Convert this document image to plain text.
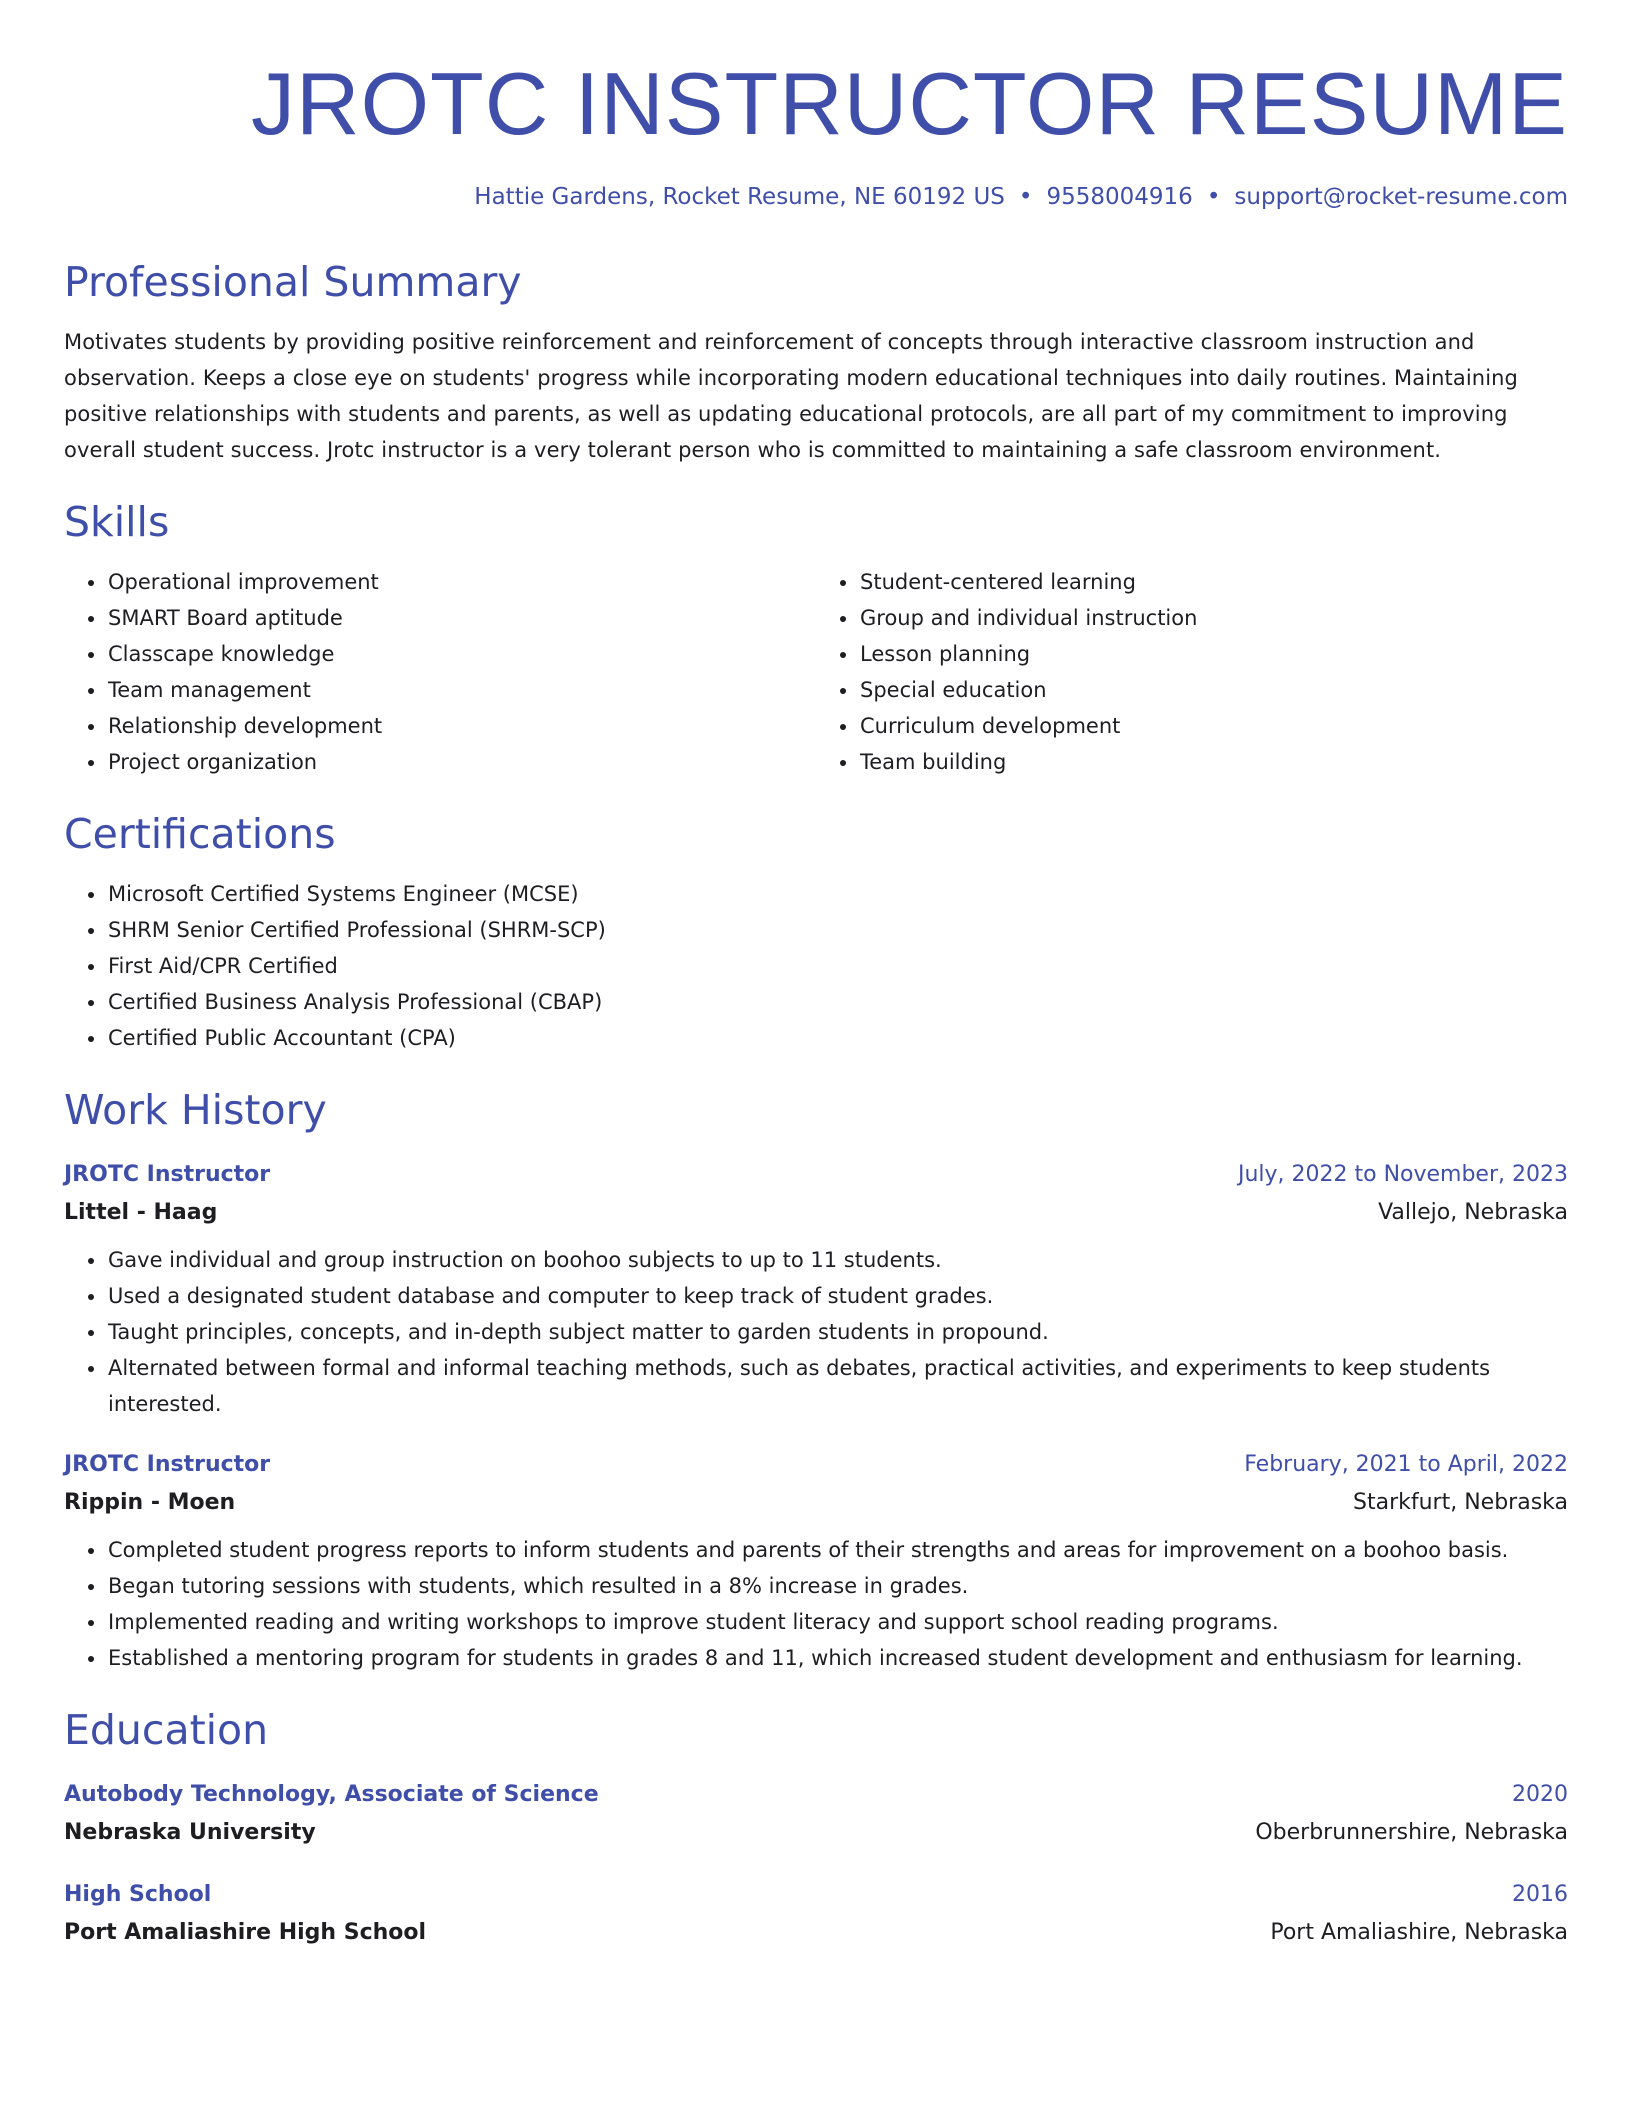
JROTC INSTRUCTOR RESUME
Hattie Gardens, Rocket Resume, NE 60192 US • 9558004916 • support@rocket-resume.com
Professional Summary

Motivates students by providing positive reinforcement and reinforcement of concepts through interactive classroom instruction and observation. Keeps a close eye on students' progress while incorporating modern educational techniques into daily routines. Maintaining positive relationships with students and parents, as well as updating educational protocols, are all part of my commitment to improving overall student success. Jrotc instructor is a very tolerant person who is committed to maintaining a safe classroom environment.

Skills
• Operational improvement
• SMART Board aptitude
• Classcape knowledge
• Team management
• Relationship development
• Project organization
• Student-centered learning
• Group and individual instruction
• Lesson planning
• Special education
• Curriculum development
• Team building
Certifications
• Microsoft Certified Systems Engineer (MCSE)
• SHRM Senior Certified Professional (SHRM-SCP)
• First Aid/CPR Certified
• Certified Business Analysis Professional (CBAP)
• Certified Public Accountant (CPA)
Work History
JROTC Instructor	July, 2022 to November, 2023
Littel - Haag	Vallejo, Nebraska
• Gave individual and group instruction on boohoo subjects to up to 11 students.
• Used a designated student database and computer to keep track of student grades.
• Taught principles, concepts, and in-depth subject matter to garden students in propound.
• Alternated between formal and informal teaching methods, such as debates, practical activities, and experiments to keep students interested.
JROTC Instructor	February, 2021 to April, 2022
Rippin - Moen	Starkfurt, Nebraska
• Completed student progress reports to inform students and parents of their strengths and areas for improvement on a boohoo basis.
• Began tutoring sessions with students, which resulted in a 8% increase in grades.
• Implemented reading and writing workshops to improve student literacy and support school reading programs.
• Established a mentoring program for students in grades 8 and 11, which increased student development and enthusiasm for learning.
Education
Autobody Technology, Associate of Science	2020
Nebraska University	Oberbrunnershire, Nebraska
High School	2016
Port Amaliashire High School	Port Amaliashire, Nebraska
